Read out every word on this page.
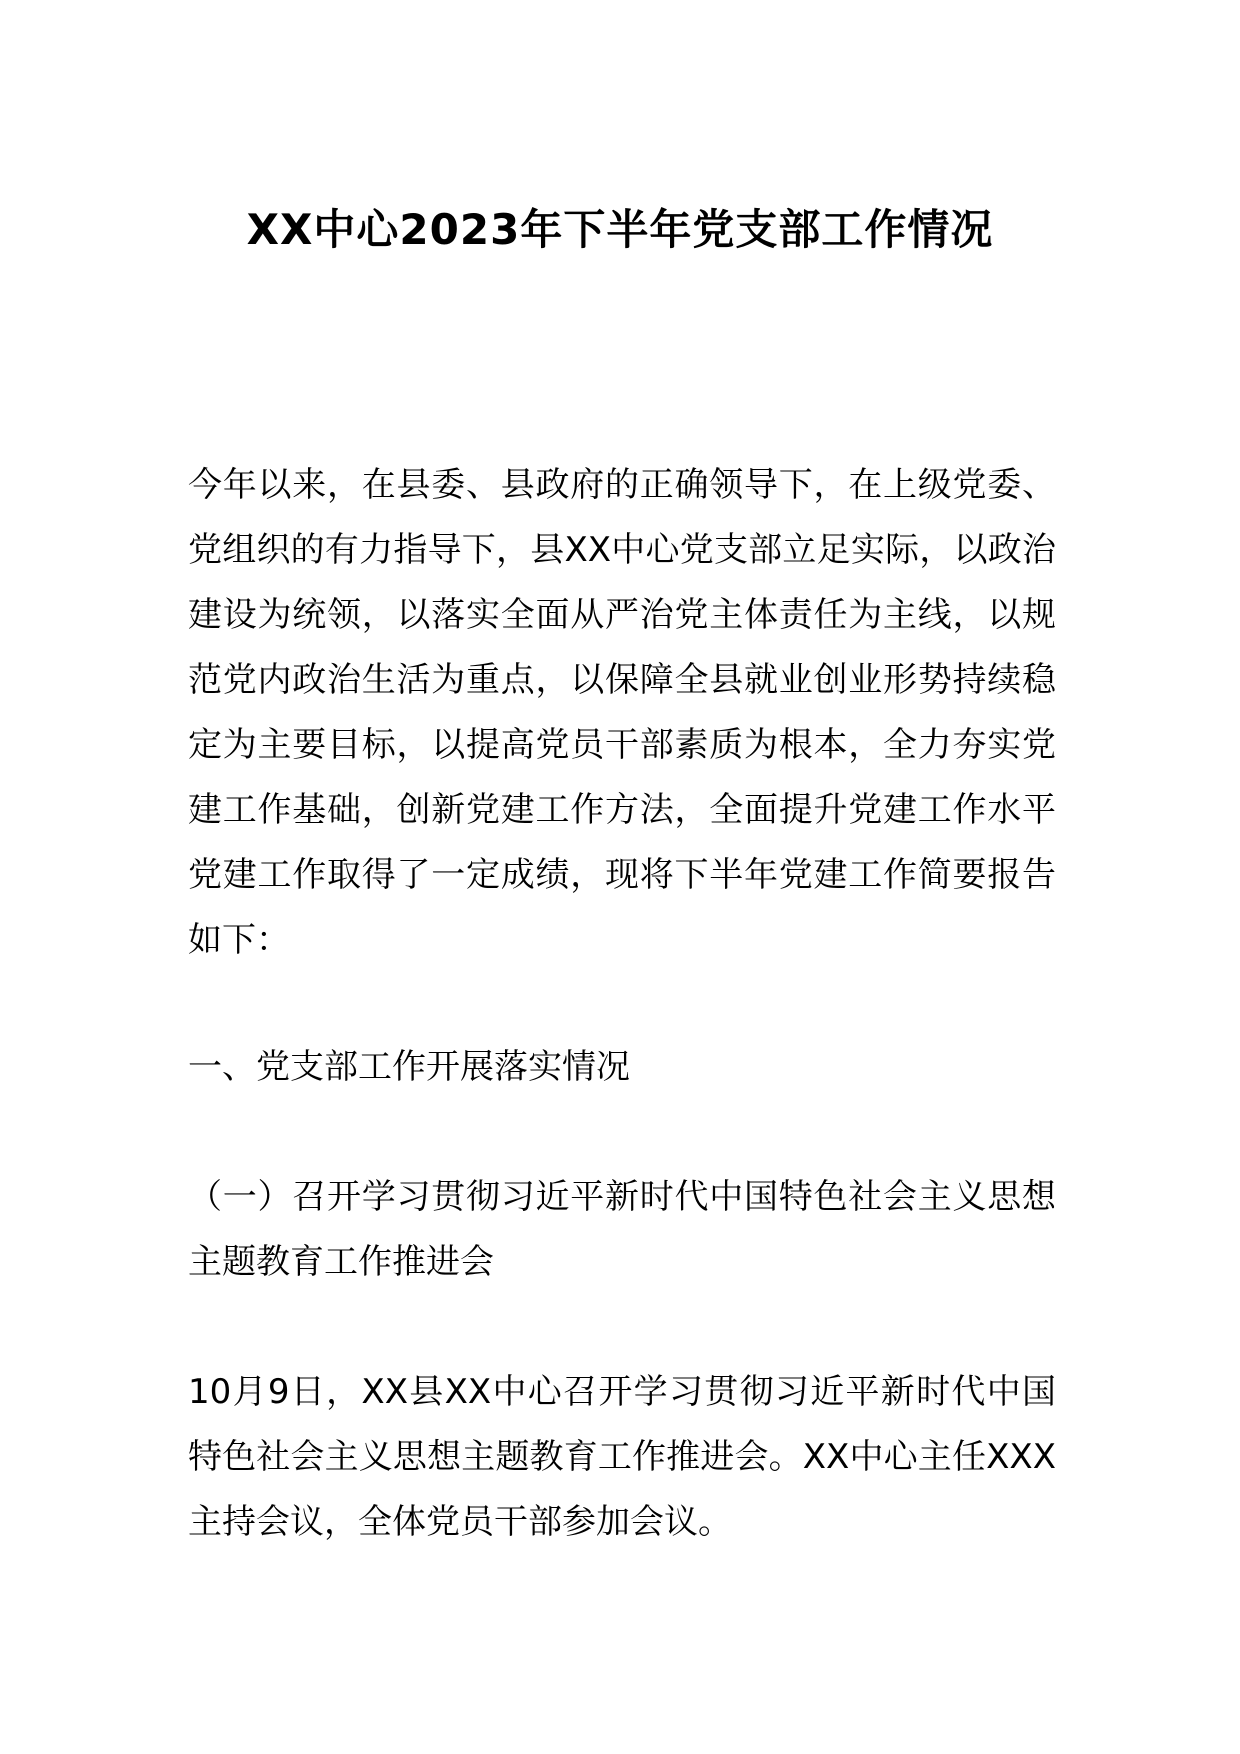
XX中心2023年下半年党支部工作情况

今年以来，在县委、县政府的正确领导下，在上级党委、党组织的有力指导下，县XX中心党支部立足实际，以政治建设为统领，以落实全面从严治党主体责任为主线，以规范党内政治生活为重点，以保障全县就业创业形势持续稳定为主要目标，以提高党员干部素质为根本，全力夯实党建工作基础，创新党建工作方法，全面提升党建工作水平党建工作取得了一定成绩，现将下半年党建工作简要报告如下：

一、党支部工作开展落实情况

（一）召开学习贯彻习近平新时代中国特色社会主义思想主题教育工作推进会

10月9日，XX县XX中心召开学习贯彻习近平新时代中国特色社会主义思想主题教育工作推进会。XX中心主任XXX主持会议，全体党员干部参加会议。
